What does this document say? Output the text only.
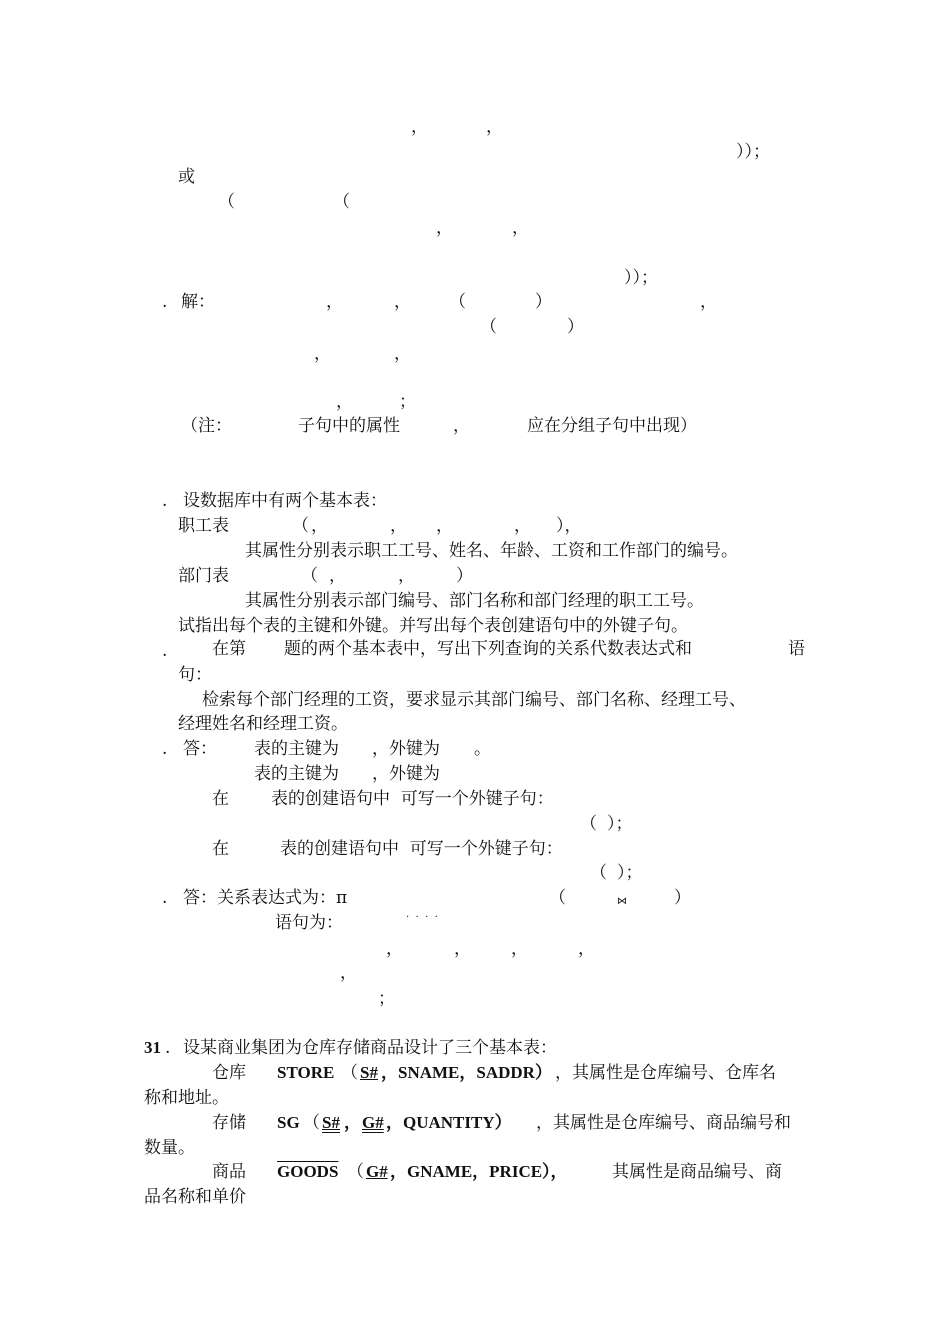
，	，
））；
或
（	（
，	，
））；
. 解：	，	， （	）	，
（	）
，	，
，	；
（注：	子句中的属性	，	应在分组子句中出现）
. 设数据库中有两个基本表：
职工表	（ ，	， ，	， ），
其属性分别表示职工工号、姓名、年龄、工资和工作部门的编号。
部门表	（ ，	， ）
其属性分别表示部门编号、部门名称和部门经理的职工工号。
试指出每个表的主键和外键。并写出每个表创建语句中的外键子句。
.	在第 题的两个基本表中，写出下列查询的关系代数表达式和	语
句：
检索每个部门经理的工资，要求显示其部门编号、部门名称、经理工号、
经理姓名和经理工资。
. 答： 表的主键为 ，外键为 。
表的主键为 ，外键为
在 表的创建语句中  可写一个外键子句：
（ ）；
在	表的创建语句中  可写一个外键子句：
（ ）；
. 答：关系表达式为：π	（	⋈	）
.  .  .  .
语句为：
，	， ，	，
，
；
31 . 设某商业集团为仓库存储商品设计了三个基本表：
仓库 STORE （ S# ，SNAME，SADDR） ，其属性是仓库编号、仓库名
称和地址。
存储 SG （ S# ， G# ，QUANTITY） ，其属性是仓库编号、商品编号和
数量。
商品 GOODS （ G# ，GNAME，PRICE），	其属性是商品编号、商
品名称和单价
